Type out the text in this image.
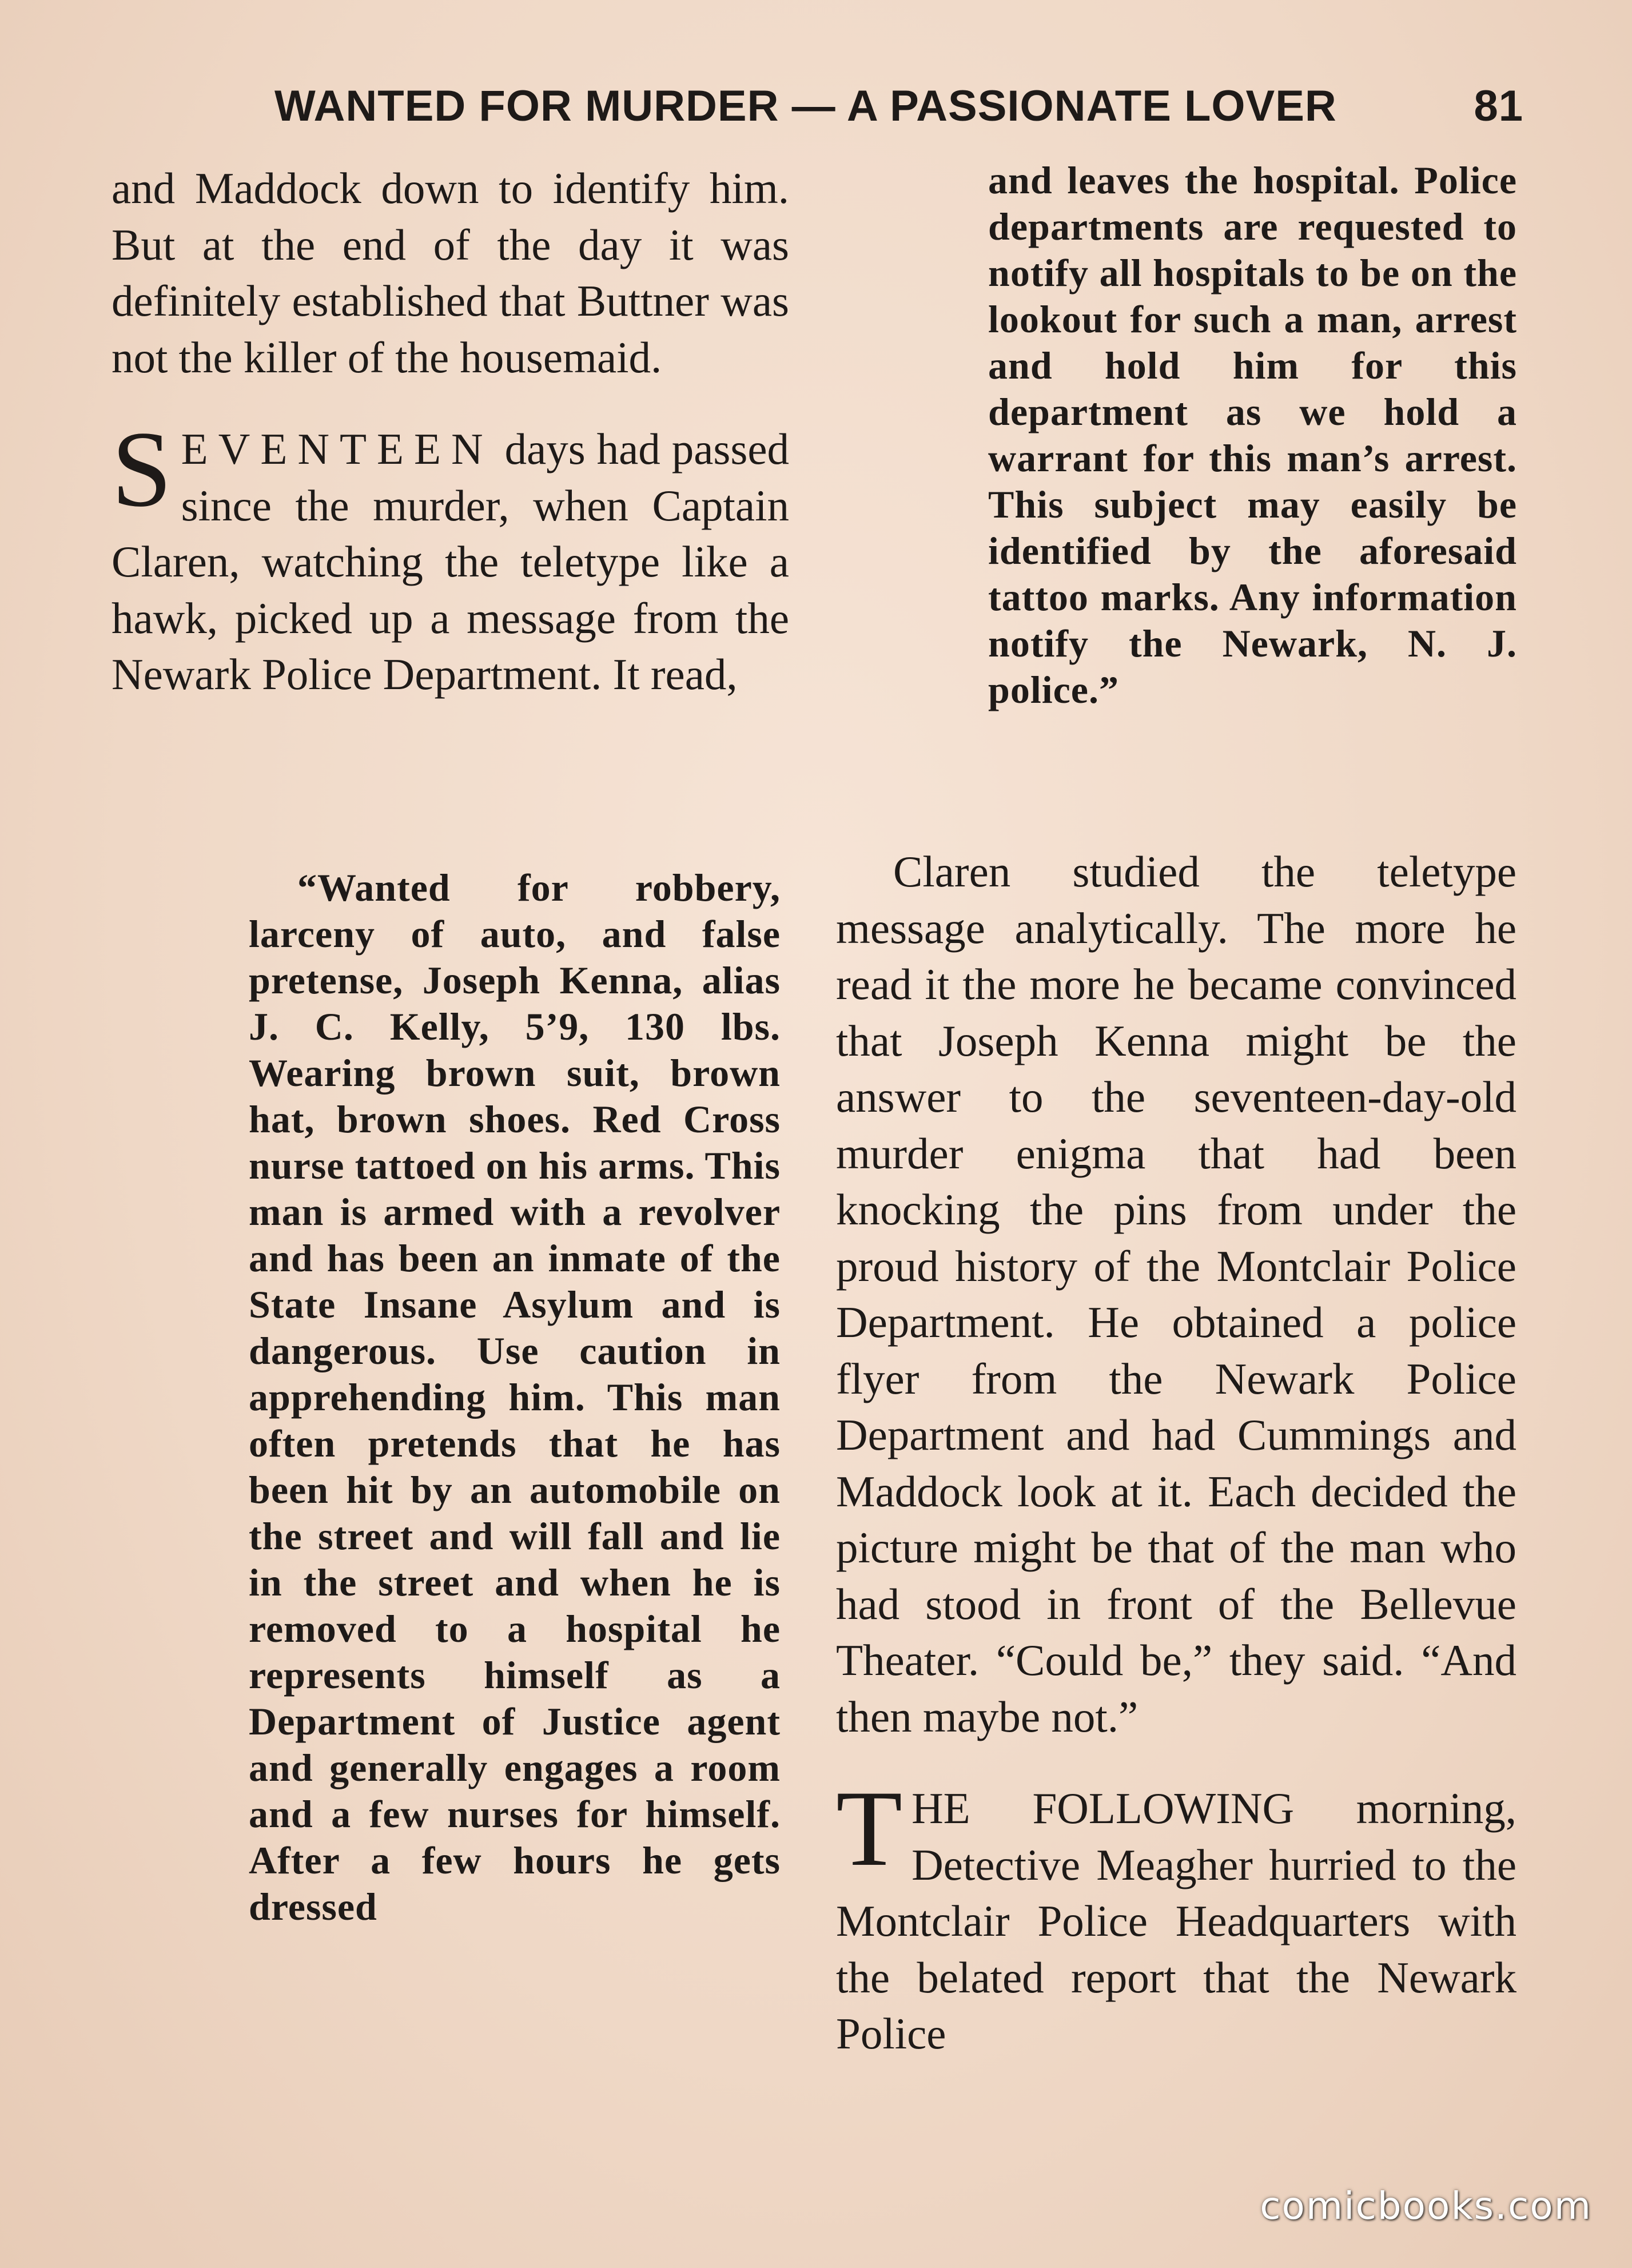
WANTED FOR MURDER — A PASSIONATE LOVER	81

and Maddock down to identify him. But at the end of the day it was definitely established that Buttner was not the killer of the housemaid.

SEVENTEEN days had passed since the murder, when Captain Claren, watching the teletype like a hawk, picked up a message from the Newark Police Department. It read,

“Wanted for robbery, larceny of auto, and false pretense, Joseph Kenna, alias J. C. Kelly, 5’9, 130 lbs. Wearing brown suit, brown hat, brown shoes. Red Cross nurse tattoed on his arms. This man is armed with a revolver and has been an inmate of the State Insane Asylum and is dangerous. Use caution in apprehending him. This man often pretends that he has been hit by an automobile on the street and will fall and lie in the street and when he is removed to a hospital he represents himself as a Department of Justice agent and generally engages a room and a few nurses for himself. After a few hours he gets dressed

and leaves the hospital. Police departments are requested to notify all hospitals to be on the lookout for such a man, arrest and hold him for this department as we hold a warrant for this man’s arrest. This subject may easily be identified by the aforesaid tattoo marks. Any information notify the Newark, N. J. police.”

Claren studied the teletype message analytically. The more he read it the more he became convinced that Joseph Kenna might be the answer to the seventeen-day-old murder enigma that had been knocking the pins from under the proud history of the Montclair Police Department. He obtained a police flyer from the Newark Police Department and had Cummings and Maddock look at it. Each decided the picture might be that of the man who had stood in front of the Bellevue Theater. “Could be,” they said. “And then maybe not.”

THE FOLLOWING morning, Detective Meagher hurried to the Montclair Police Headquarters with the belated report that the Newark Police

comicbooks.com
